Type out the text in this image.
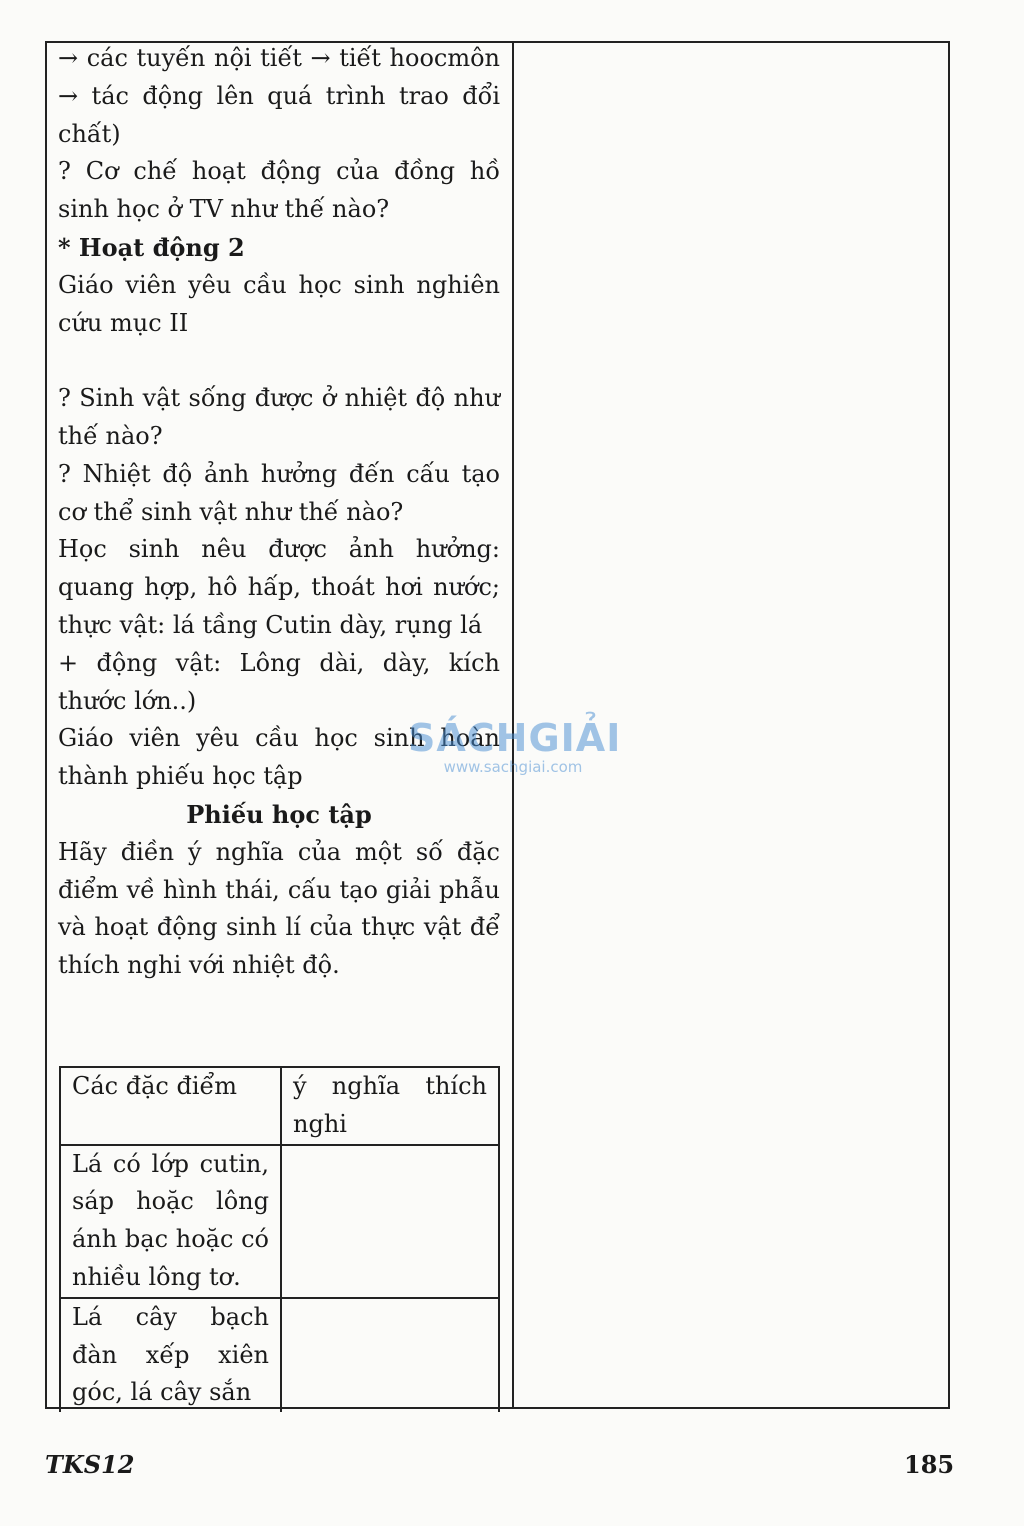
→ các tuyến nội tiết → tiết hoocmôn → tác động lên quá trình trao đổi chất)

? Cơ chế hoạt động của đồng hồ sinh học ở TV như thế nào?

* Hoạt động 2

Giáo viên yêu cầu học sinh nghiên cứu mục II

? Sinh vật sống được ở nhiệt độ như thế nào?

? Nhiệt độ ảnh hưởng đến cấu tạo cơ thể sinh vật như thế nào?

Học sinh nêu được ảnh hưởng: quang hợp, hô hấp, thoát hơi nước; thực vật: lá tầng Cutin dày, rụng lá

+ động vật: Lông dài, dày, kích thước lớn..)

Giáo viên yêu cầu học sinh hoàn thành phiếu học tập

Phiếu học tập

Hãy điền ý nghĩa của một số đặc điểm về hình thái, cấu tạo giải phẫu và hoạt động sinh lí của thực vật để thích nghi với nhiệt độ.

Các đặc điểm	ý nghĩa thích nghi
Lá có lớp cutin, sáp hoặc lông ánh bạc hoặc có nhiều lông tơ.	
Lá cây bạch đàn xếp xiên góc, lá cây sắn	
SÁCHGIẢI
www.sachgiai.com
TKS12	185
